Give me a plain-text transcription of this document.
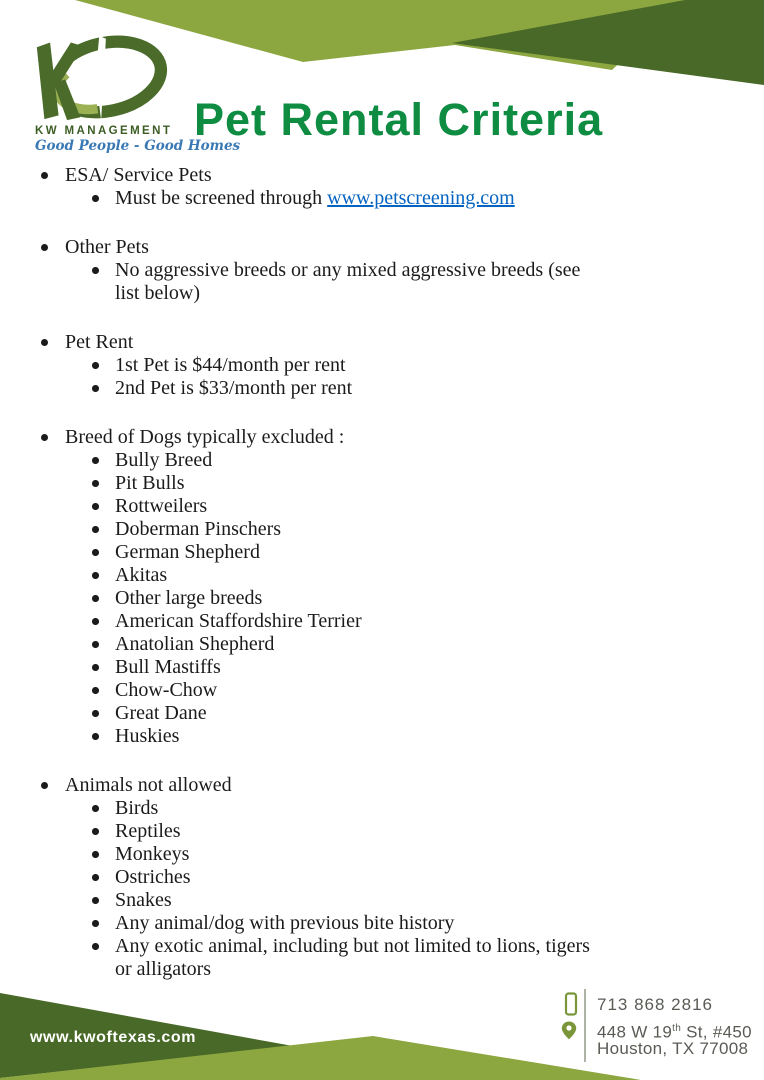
KW MANAGEMENT
Good People - Good Homes
Pet Rental Criteria
ESA/ Service Pets
Must be screened through www.petscreening.com
Other Pets
No aggressive breeds or any mixed aggressive breeds (see
list below)
Pet Rent
1st Pet is $44/month per rent
2nd Pet is $33/month per rent
Breed of Dogs typically excluded :
Bully Breed
Pit Bulls
Rottweilers
Doberman Pinschers
German Shepherd
Akitas
Other large breeds
American Staffordshire Terrier
Anatolian Shepherd
Bull Mastiffs
Chow-Chow
Great Dane
Huskies
Animals not allowed
Birds
Reptiles
Monkeys
Ostriches
Snakes
Any animal/dog with previous bite history
Any exotic animal, including but not limited to lions, tigers
or alligators
www.kwoftexas.com
713 868 2816
448 W 19th St, #450
Houston, TX 77008
